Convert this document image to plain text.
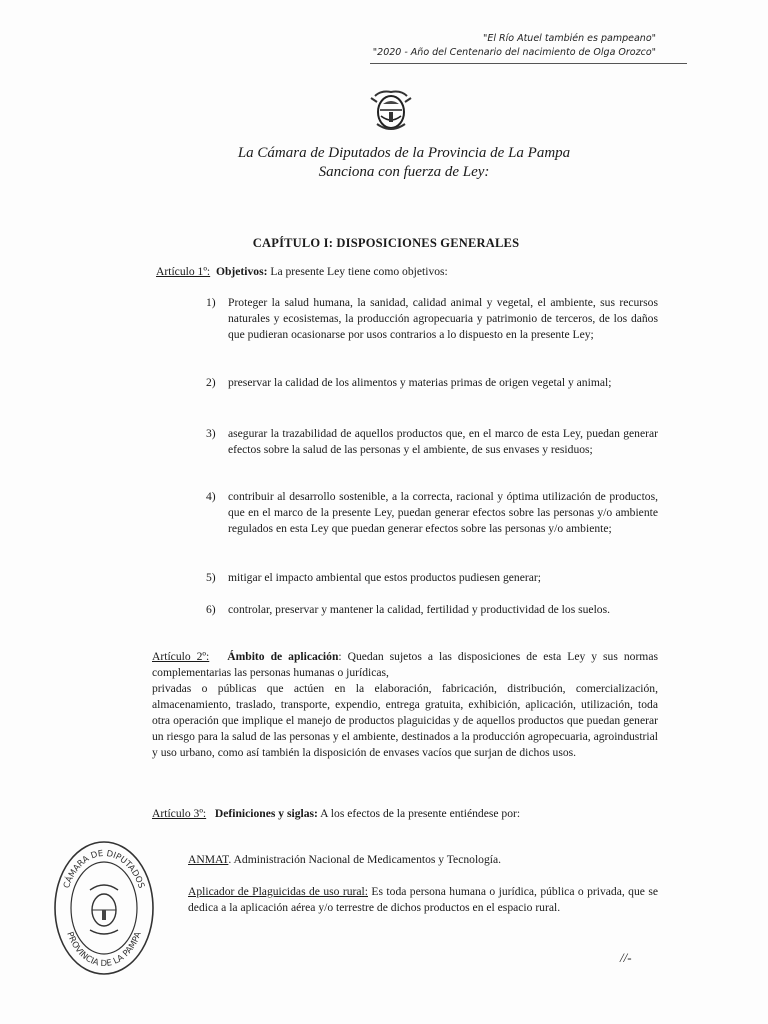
"El Río Atuel también es pampeano"
"2020 - Año del Centenario del nacimiento de Olga Orozco"
La Cámara de Diputados de la Provincia de La Pampa
Sanciona con fuerza de Ley:
CAPÍTULO I: DISPOSICIONES GENERALES
Artículo 1º: Objetivos: La presente Ley tiene como objetivos:
1) Proteger la salud humana, la sanidad, calidad animal y vegetal, el ambiente, sus recursos naturales y ecosistemas, la producción agropecuaria y patrimonio de terceros, de los daños que pudieran ocasionarse por usos contrarios a lo dispuesto en la presente Ley;
2) preservar la calidad de los alimentos y materias primas de origen vegetal y animal;
3) asegurar la trazabilidad de aquellos productos que, en el marco de esta Ley, puedan generar efectos sobre la salud de las personas y el ambiente, de sus envases y residuos;
4) contribuir al desarrollo sostenible, a la correcta, racional y óptima utilización de productos, que en el marco de la presente Ley, puedan generar efectos sobre las personas y/o ambiente regulados en esta Ley que puedan generar efectos sobre las personas y/o ambiente;
5) mitigar el impacto ambiental que estos productos pudiesen generar;
6) controlar, preservar y mantener la calidad, fertilidad y productividad de los suelos.
Artículo 2º: Ámbito de aplicación: Quedan sujetos a las disposiciones de esta Ley y sus normas complementarias las personas humanas o jurídicas,
privadas o públicas que actúen en la elaboración, fabricación, distribución, comercialización, almacenamiento, traslado, transporte, expendio, entrega gratuita, exhibición, aplicación, utilización, toda otra operación que implique el manejo de productos plaguicidas y de aquellos productos que puedan generar un riesgo para la salud de las personas y el ambiente, destinados a la producción agropecuaria, agroindustrial y uso urbano, como así también la disposición de envases vacíos que surjan de dichos usos.
Artículo 3º: Definiciones y siglas: A los efectos de la presente entiéndese por:
ANMAT. Administración Nacional de Medicamentos y Tecnología.
Aplicador de Plaguicidas de uso rural: Es toda persona humana o jurídica, pública o privada, que se dedica a la aplicación aérea y/o terrestre de dichos productos en el espacio rural.
CÁMARA DE DIPUTADOS
PROVINCIA DE LA PAMPA
//-
